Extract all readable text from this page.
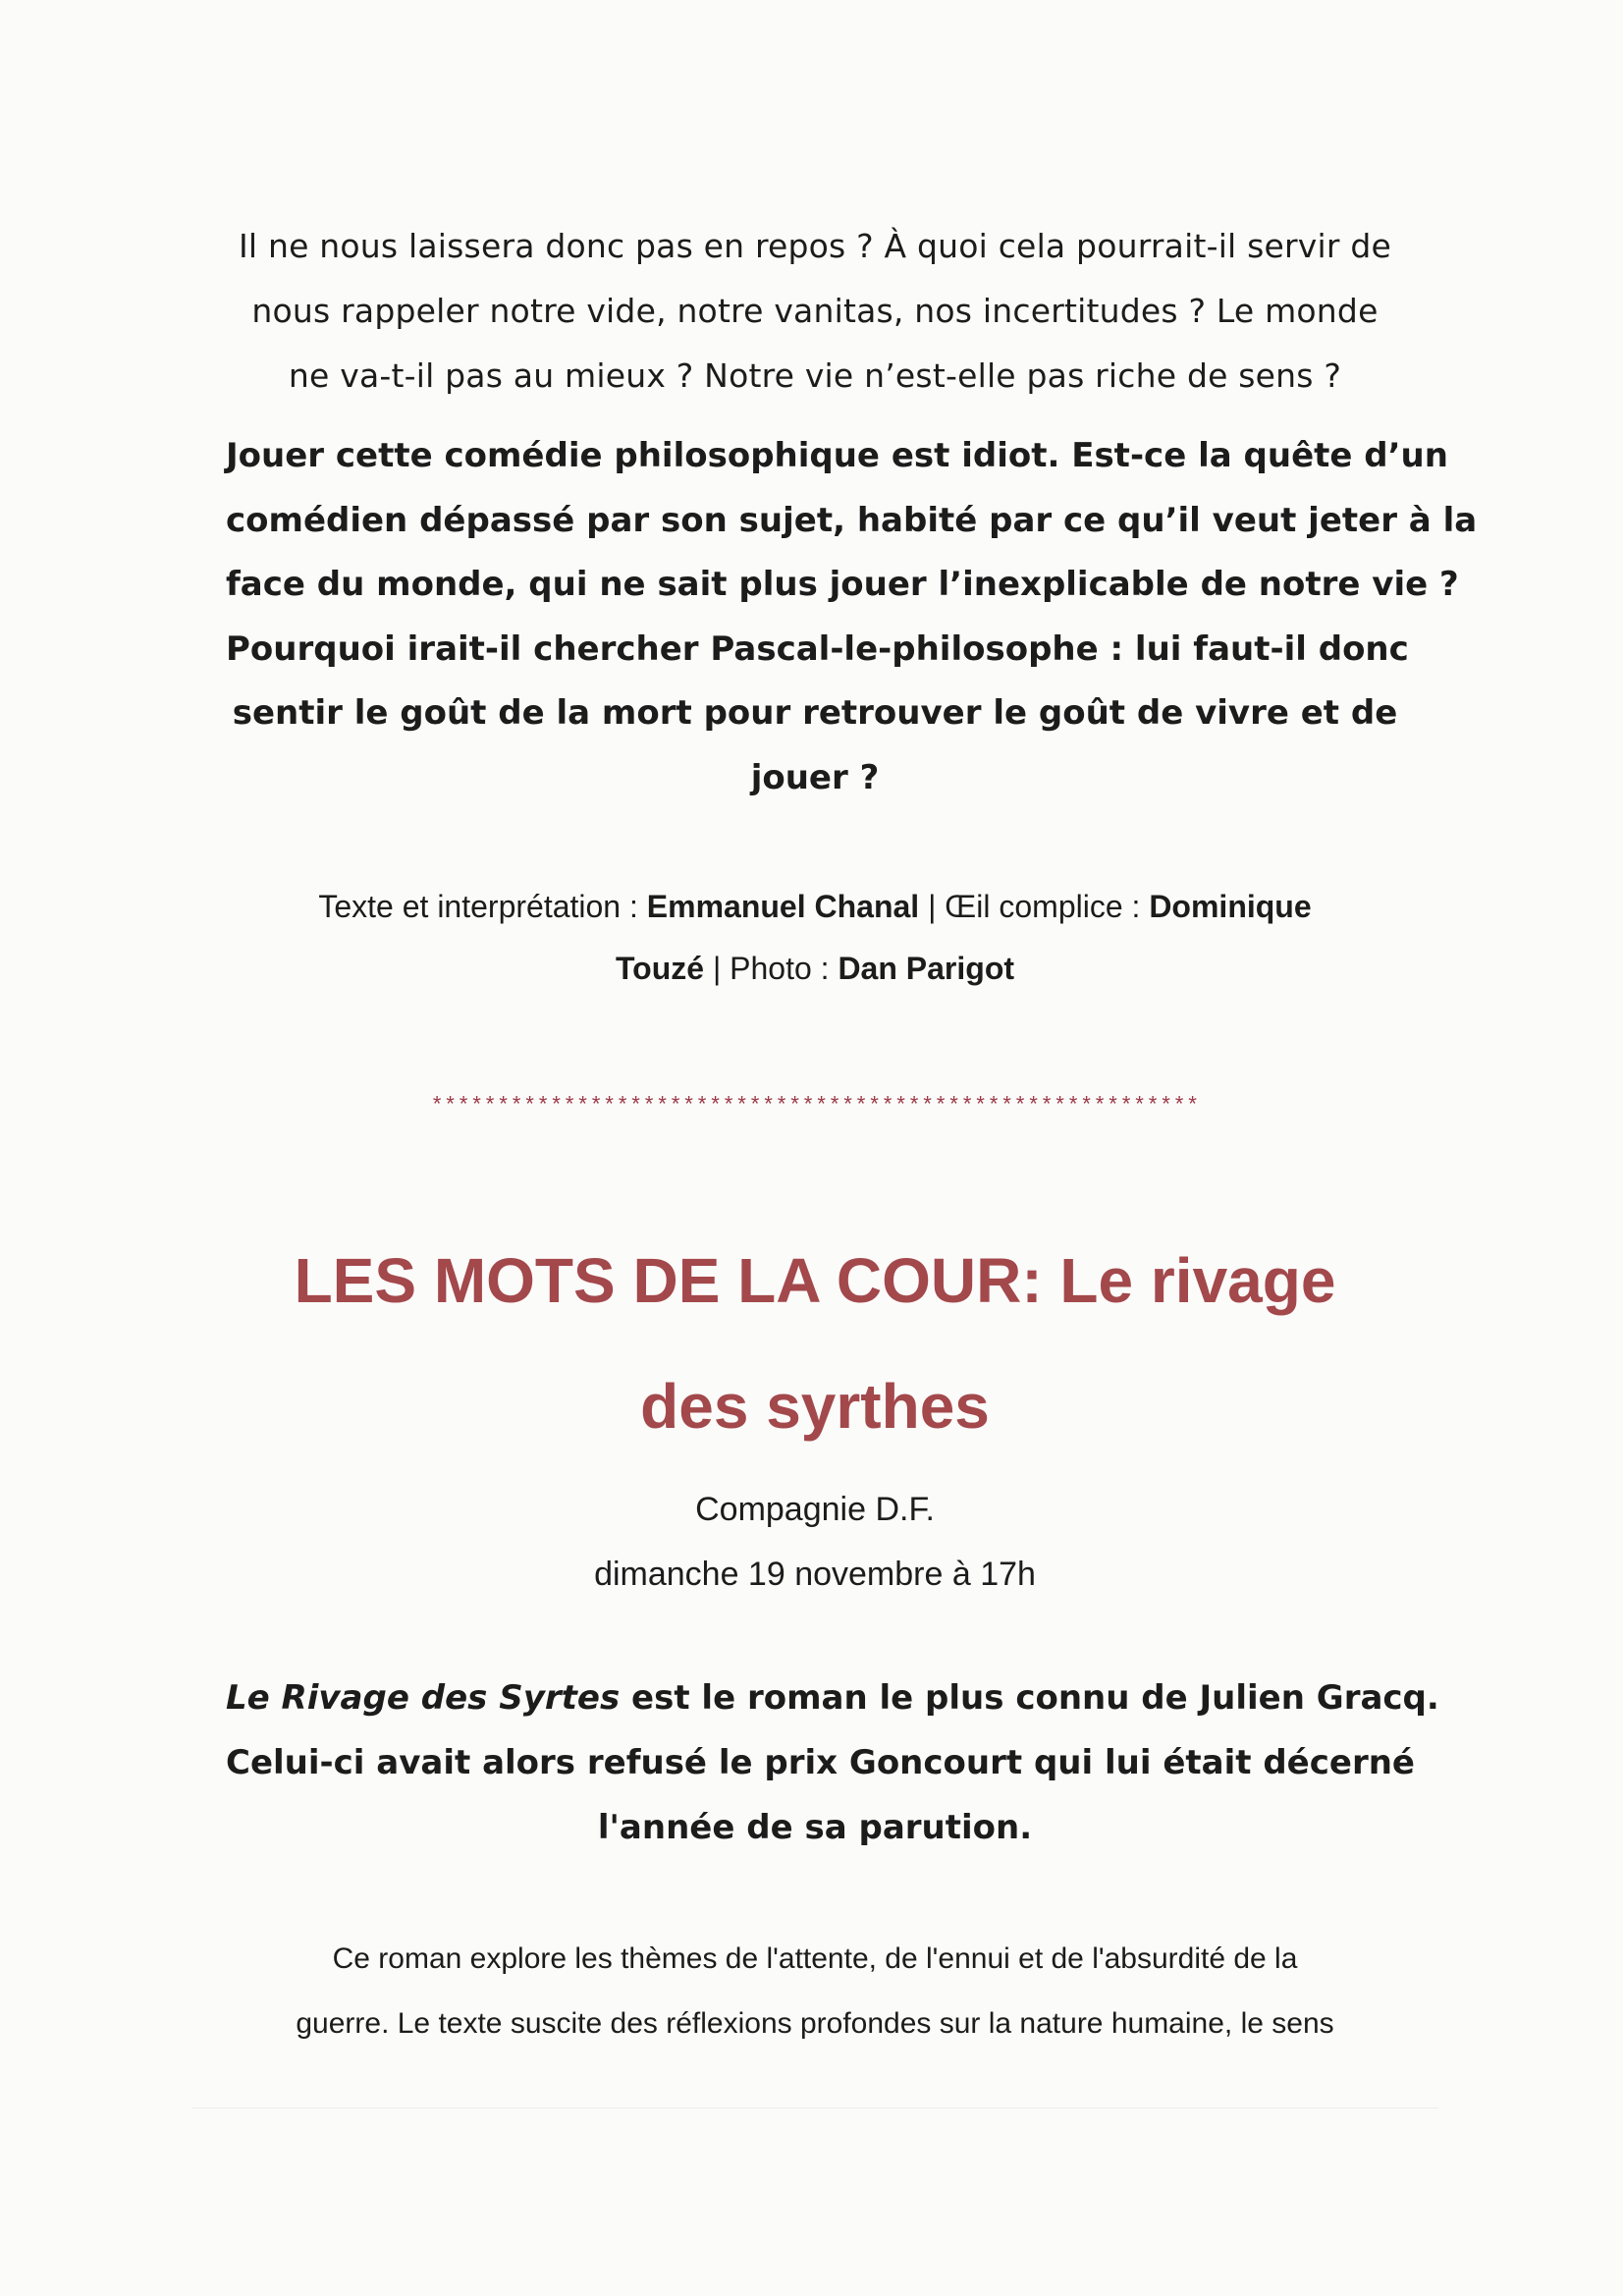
Il ne nous laissera donc pas en repos ? À quoi cela pourrait-il servir de
nous rappeler notre vide, notre vanitas, nos incertitudes ? Le monde
ne va-t-il pas au mieux ? Notre vie n’est-elle pas riche de sens ?
Jouer cette comédie philosophique est idiot. Est-ce la quête d’un
comédien dépassé par son sujet, habité par ce qu’il veut jeter à la
face du monde, qui ne sait plus jouer l’inexplicable de notre vie ?
Pourquoi irait-il chercher Pascal-le-philosophe : lui faut-il donc
sentir le goût de la mort pour retrouver le goût de vivre et de
jouer ?
Texte et interprétation : Emmanuel Chanal | Œil complice : Dominique
Touzé | Photo : Dan Parigot
**********************************************************
LES MOTS DE LA COUR: Le rivage
des syrthes
Compagnie D.F.
dimanche 19 novembre à 17h
Le Rivage des Syrtes est le roman le plus connu de Julien Gracq.
Celui-ci avait alors refusé le prix Goncourt qui lui était décerné
l'année de sa parution.
Ce roman explore les thèmes de l'attente, de l'ennui et de l'absurdité de la
guerre. Le texte suscite des réflexions profondes sur la nature humaine, le sens
